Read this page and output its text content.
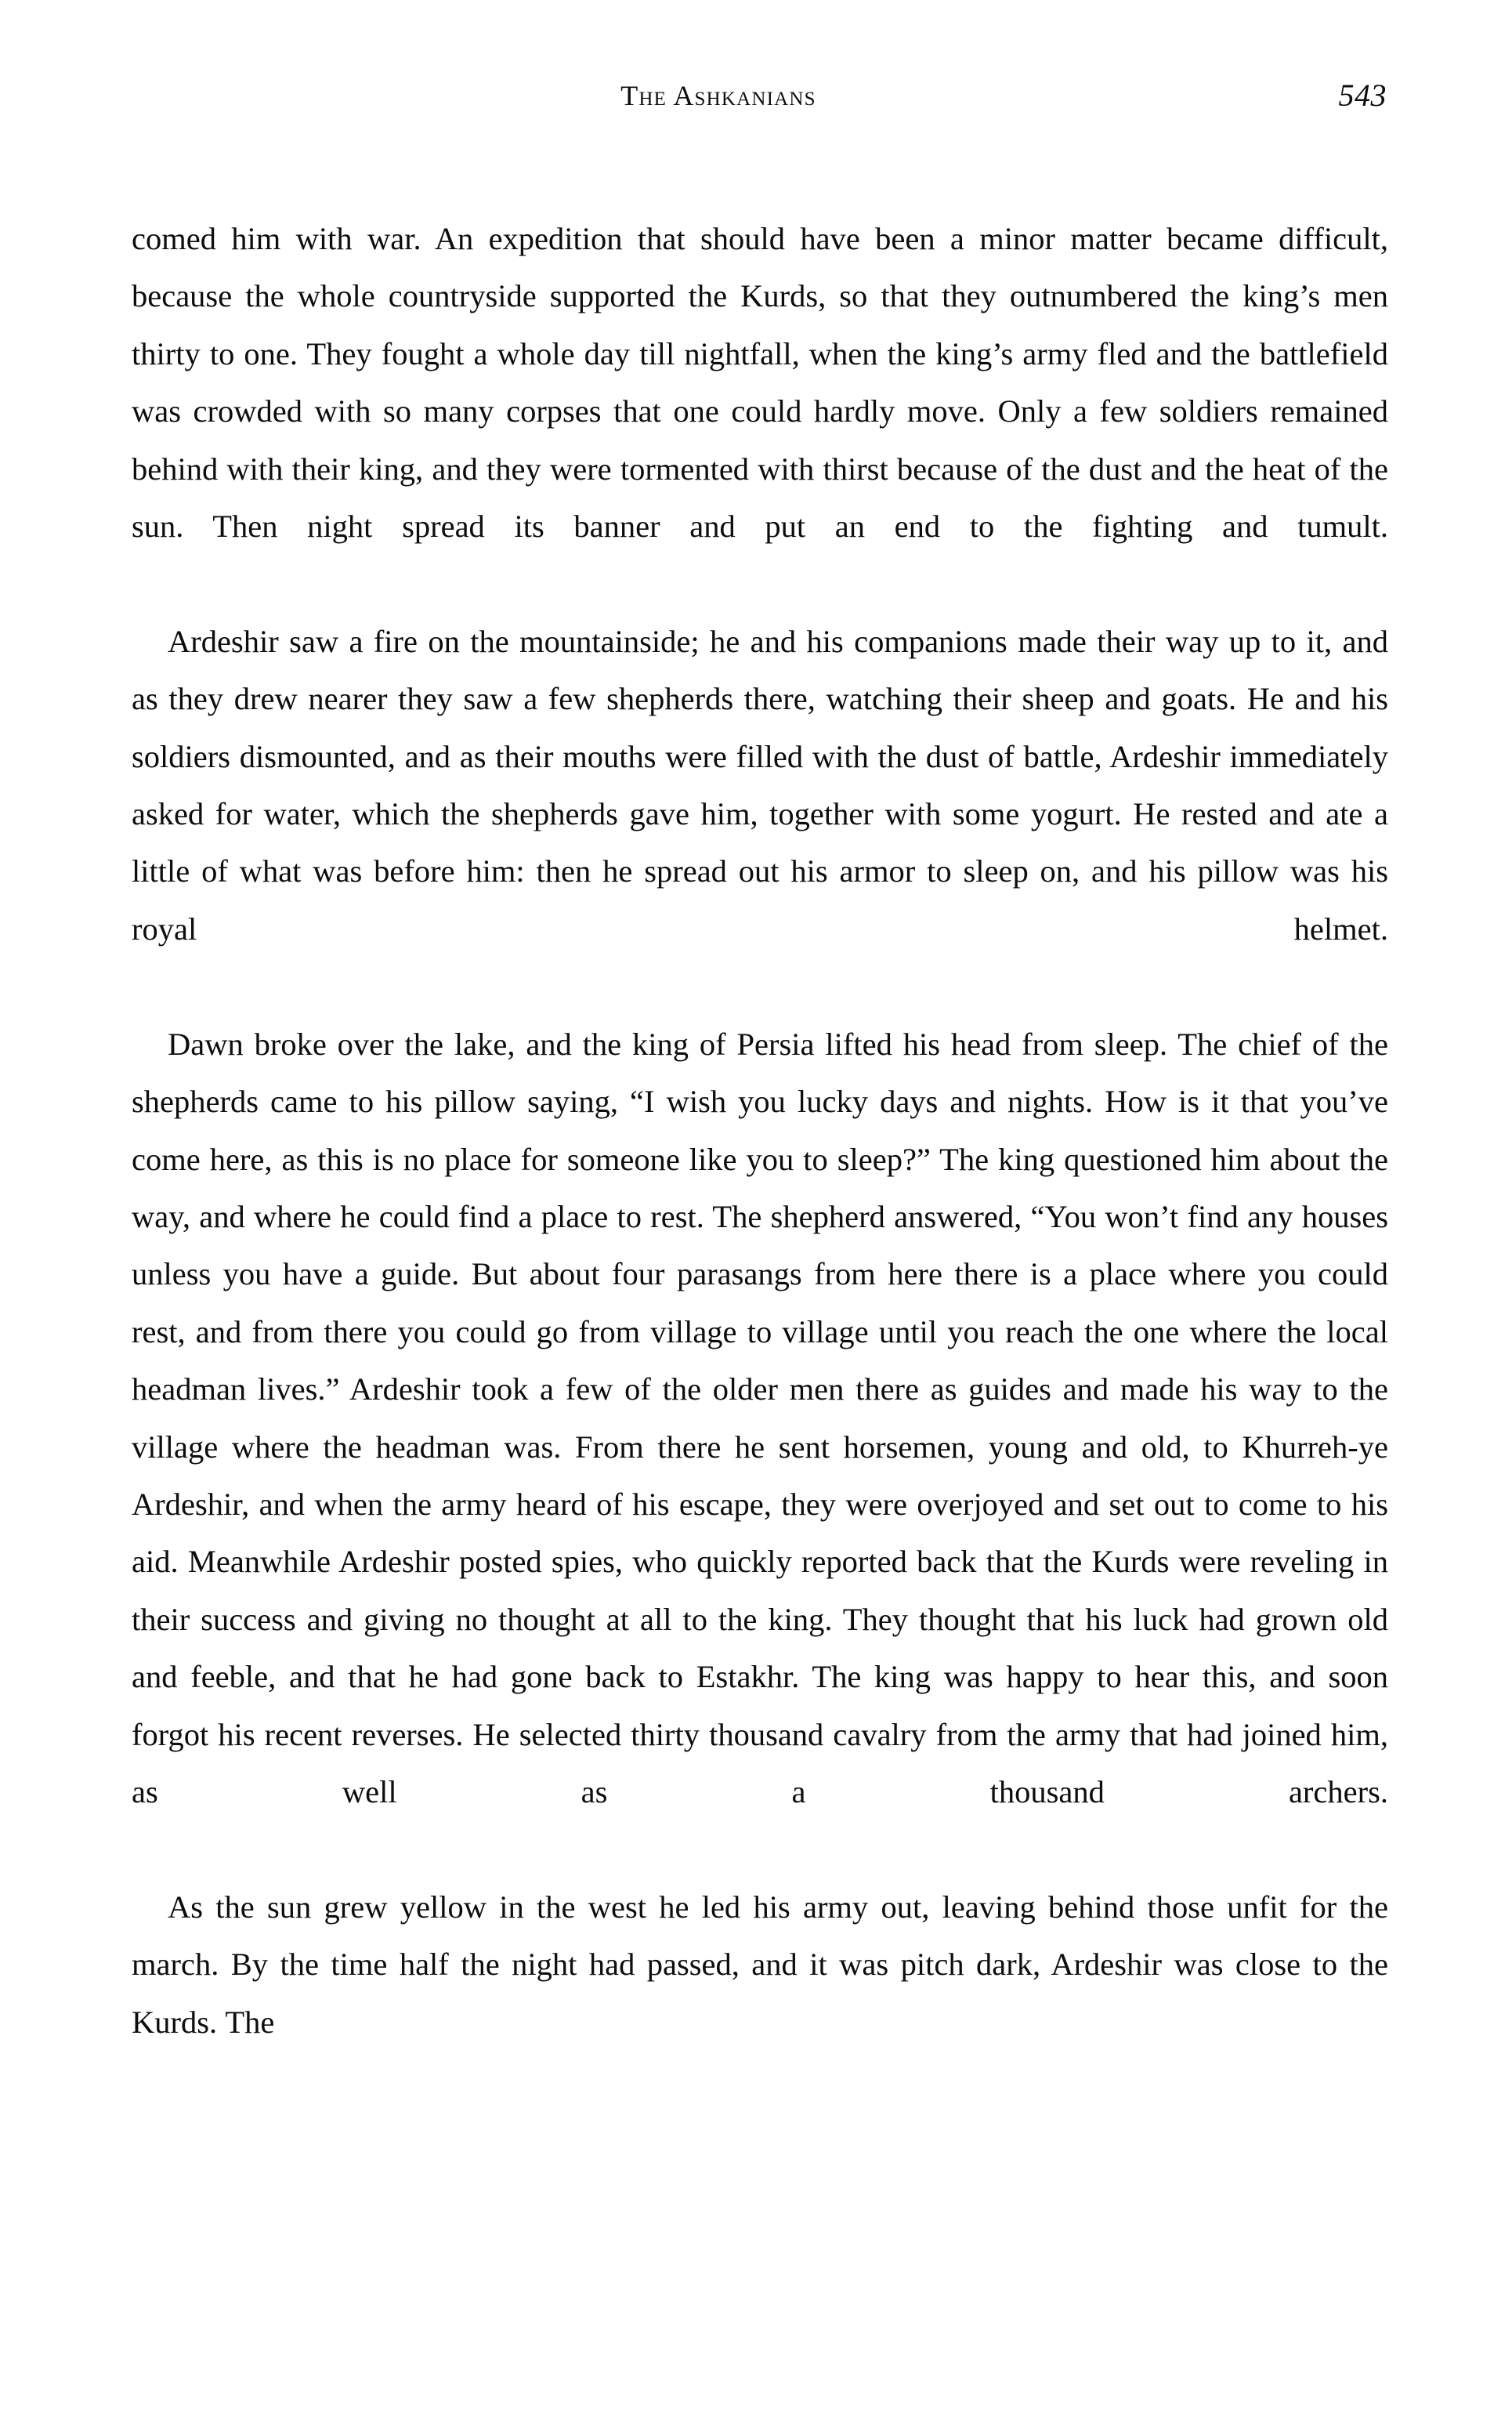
The Ashkanians	543

comed him with war. An expedition that should have been a minor matter became difficult, because the whole countryside supported the Kurds, so that they outnumbered the king’s men thirty to one. They fought a whole day till nightfall, when the king’s army fled and the battlefield was crowded with so many corpses that one could hardly move. Only a few soldiers remained behind with their king, and they were tormented with thirst because of the dust and the heat of the sun. Then night spread its banner and put an end to the fighting and tumult.

Ardeshir saw a fire on the mountainside; he and his companions made their way up to it, and as they drew nearer they saw a few shepherds there, watching their sheep and goats. He and his soldiers dismounted, and as their mouths were filled with the dust of battle, Ardeshir immediately asked for water, which the shepherds gave him, together with some yogurt. He rested and ate a little of what was before him: then he spread out his armor to sleep on, and his pillow was his royal helmet.

Dawn broke over the lake, and the king of Persia lifted his head from sleep. The chief of the shepherds came to his pillow saying, “I wish you lucky days and nights. How is it that you’ve come here, as this is no place for someone like you to sleep?” The king questioned him about the way, and where he could find a place to rest. The shepherd answered, “You won’t find any houses unless you have a guide. But about four parasangs from here there is a place where you could rest, and from there you could go from village to village until you reach the one where the local headman lives.” Ardeshir took a few of the older men there as guides and made his way to the village where the headman was. From there he sent horsemen, young and old, to Khurreh-ye Ardeshir, and when the army heard of his escape, they were overjoyed and set out to come to his aid. Meanwhile Ardeshir posted spies, who quickly reported back that the Kurds were reveling in their success and giving no thought at all to the king. They thought that his luck had grown old and feeble, and that he had gone back to Estakhr. The king was happy to hear this, and soon forgot his recent reverses. He selected thirty thousand cavalry from the army that had joined him, as well as a thousand archers.

As the sun grew yellow in the west he led his army out, leaving behind those unfit for the march. By the time half the night had passed, and it was pitch dark, Ardeshir was close to the Kurds. The
